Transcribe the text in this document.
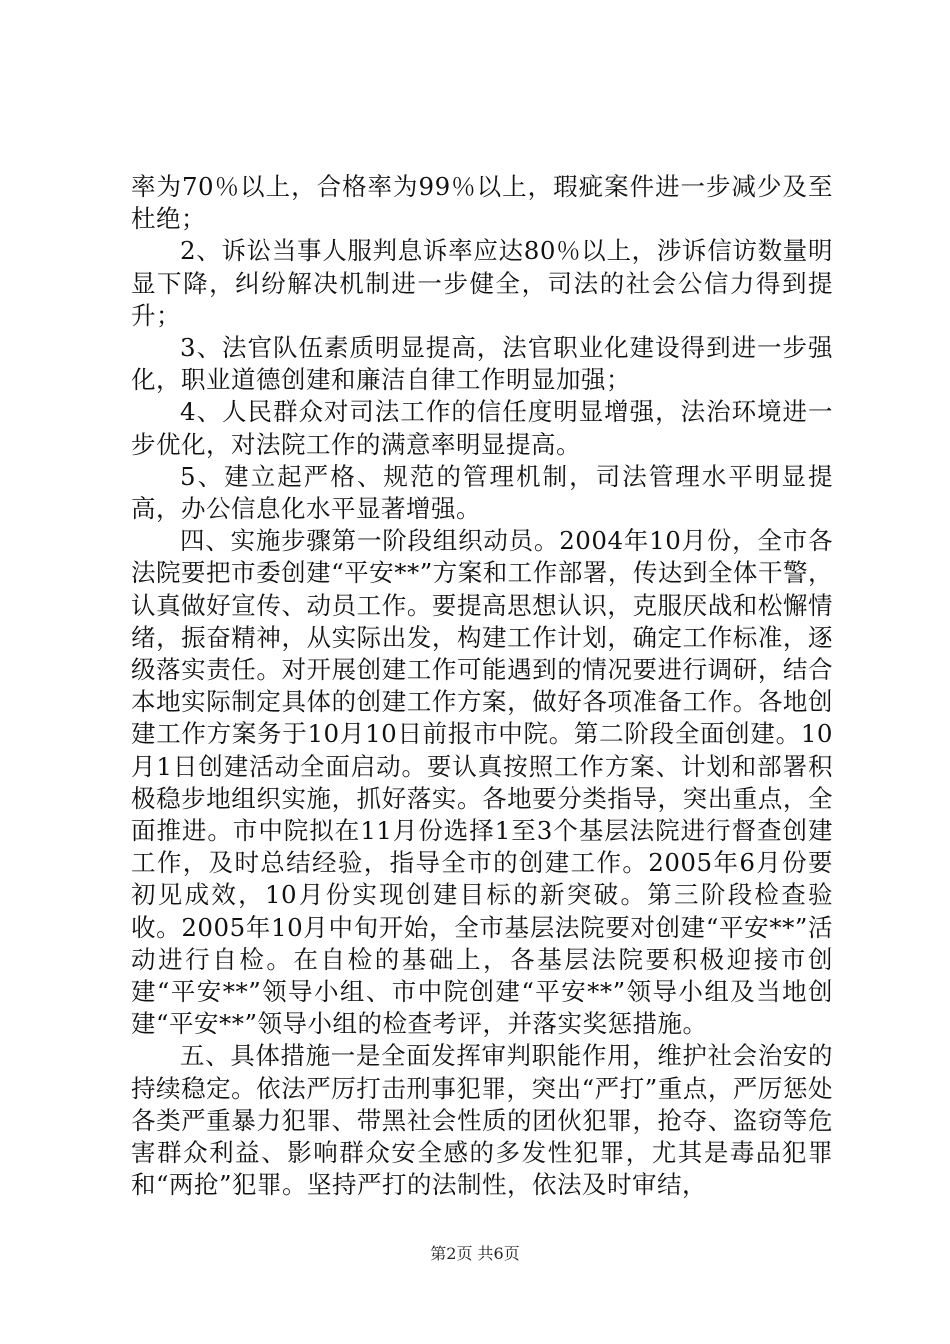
率为70％以上，合格率为99％以上，瑕疵案件进一步减少及至杜绝；

2、诉讼当事人服判息诉率应达80％以上，涉诉信访数量明显下降，纠纷解决机制进一步健全，司法的社会公信力得到提升；

3、法官队伍素质明显提高，法官职业化建设得到进一步强化，职业道德创建和廉洁自律工作明显加强；

4、人民群众对司法工作的信任度明显增强，法治环境进一步优化，对法院工作的满意率明显提高。

5、建立起严格、规范的管理机制，司法管理水平明显提高，办公信息化水平显著增强。

四、实施步骤第一阶段组织动员。2004年10月份，全市各法院要把市委创建“平安**”方案和工作部署，传达到全体干警，认真做好宣传、动员工作。要提高思想认识，克服厌战和松懈情绪，振奋精神，从实际出发，构建工作计划，确定工作标准，逐级落实责任。对开展创建工作可能遇到的情况要进行调研，结合本地实际制定具体的创建工作方案，做好各项准备工作。各地创建工作方案务于10月10日前报市中院。第二阶段全面创建。10月1日创建活动全面启动。要认真按照工作方案、计划和部署积极稳步地组织实施，抓好落实。各地要分类指导，突出重点，全面推进。市中院拟在11月份选择1至3个基层法院进行督查创建工作，及时总结经验，指导全市的创建工作。2005年6月份要初见成效，10月份实现创建目标的新突破。第三阶段检查验收。2005年10月中旬开始，全市基层法院要对创建“平安**”活动进行自检。在自检的基础上，各基层法院要积极迎接市创建“平安**”领导小组、市中院创建“平安**”领导小组及当地创建“平安**”领导小组的检查考评，并落实奖惩措施。

五、具体措施一是全面发挥审判职能作用，维护社会治安的持续稳定。依法严厉打击刑事犯罪，突出“严打”重点，严厉惩处各类严重暴力犯罪、带黑社会性质的团伙犯罪，抢夺、盗窃等危害群众利益、影响群众安全感的多发性犯罪，尤其是毒品犯罪和“两抢”犯罪。坚持严打的法制性，依法及时审结，

第2页 共6页
